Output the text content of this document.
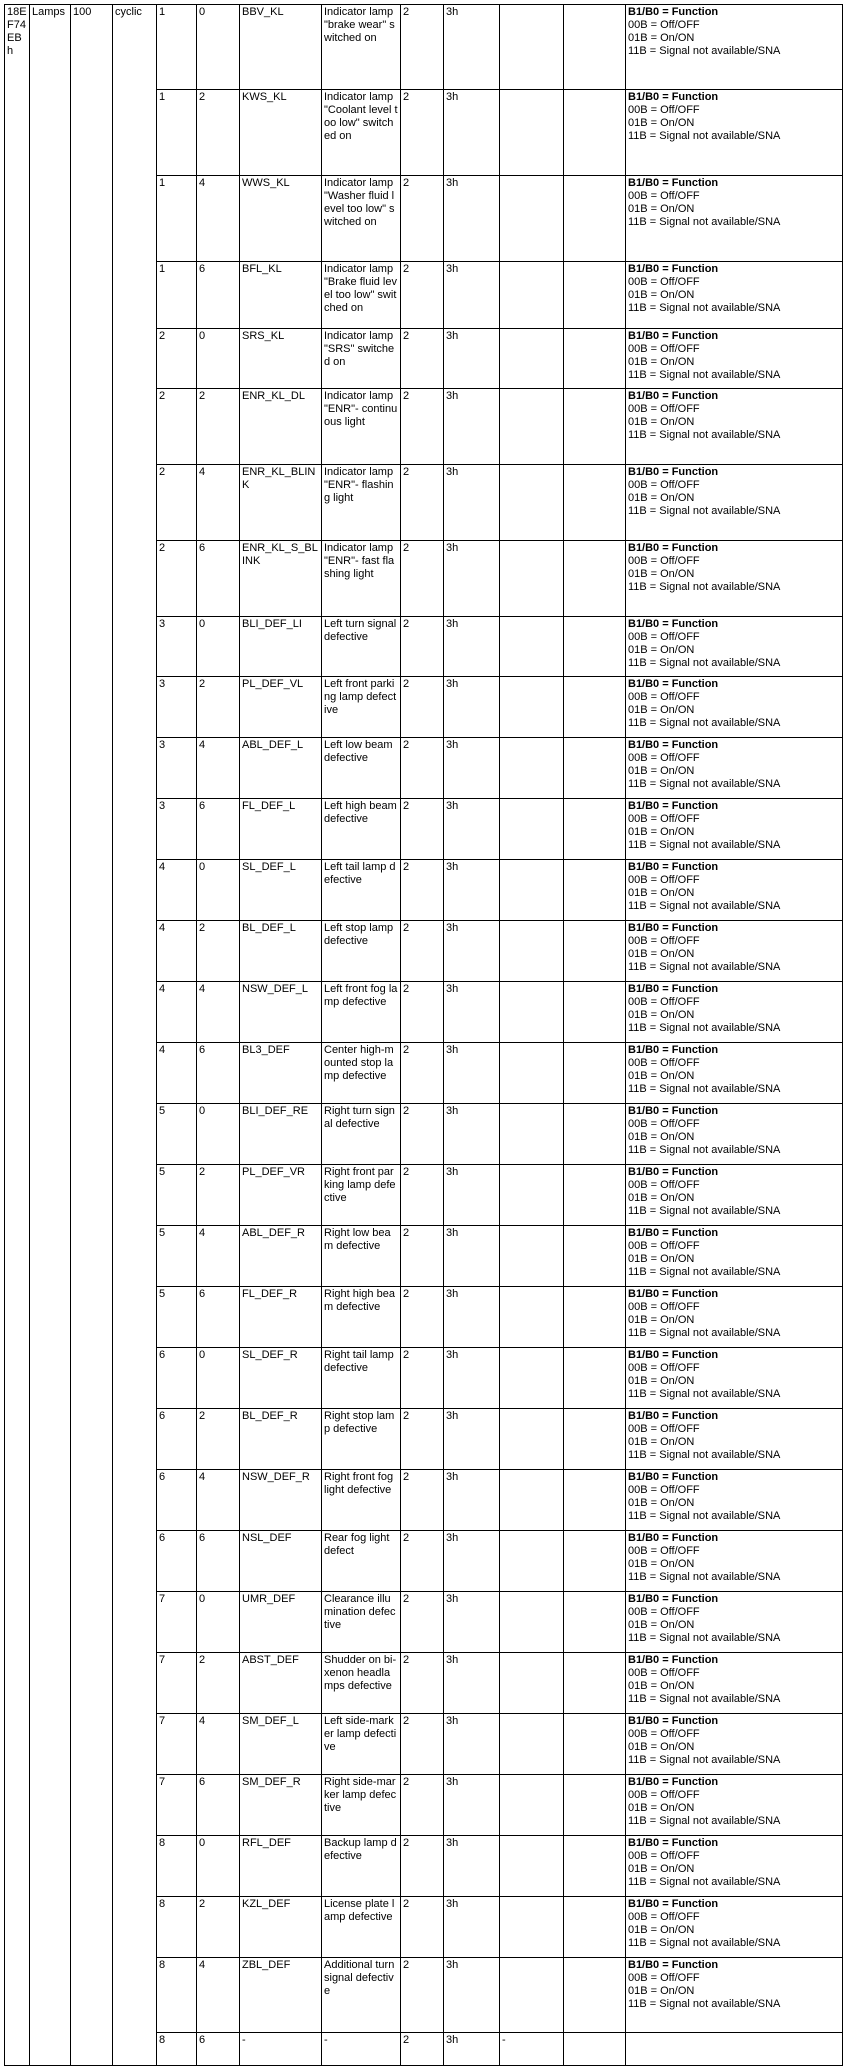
18EF74EBh	Lamps	100	cyclic	1	0	BBV_KL	Indicator lamp "brake wear" switched on	2	3h			B1/B0 = Function
00B = Off/OFF
01B = On/ON
11B = Signal not available/SNA

				1	2	KWS_KL	Indicator lamp "Coolant level too low" switched on	2	3h			B1/B0 = Function
00B = Off/OFF
01B = On/ON
11B = Signal not available/SNA

				1	4	WWS_KL	Indicator lamp "Washer fluid level too low" switched on	2	3h			B1/B0 = Function
00B = Off/OFF
01B = On/ON
11B = Signal not available/SNA

				1	6	BFL_KL	Indicator lamp "Brake fluid level too low" switched on	2	3h			B1/B0 = Function
00B = Off/OFF
01B = On/ON
11B = Signal not available/SNA

				2	0	SRS_KL	Indicator lamp "SRS" switched on	2	3h			B1/B0 = Function
00B = Off/OFF
01B = On/ON
11B = Signal not available/SNA

				2	2	ENR_KL_DL	Indicator lamp "ENR"- continuous light	2	3h			B1/B0 = Function
00B = Off/OFF
01B = On/ON
11B = Signal not available/SNA

				2	4	ENR_KL_BLINK	Indicator lamp "ENR"- flashing light	2	3h			B1/B0 = Function
00B = Off/OFF
01B = On/ON
11B = Signal not available/SNA

				2	6	ENR_KL_S_BLINK	Indicator lamp "ENR"- fast flashing light	2	3h			B1/B0 = Function
00B = Off/OFF
01B = On/ON
11B = Signal not available/SNA

				3	0	BLI_DEF_LI	Left turn signal defective	2	3h			B1/B0 = Function
00B = Off/OFF
01B = On/ON
11B = Signal not available/SNA

				3	2	PL_DEF_VL	Left front parking lamp defective	2	3h			B1/B0 = Function
00B = Off/OFF
01B = On/ON
11B = Signal not available/SNA

				3	4	ABL_DEF_L	Left low beam defective	2	3h			B1/B0 = Function
00B = Off/OFF
01B = On/ON
11B = Signal not available/SNA

				3	6	FL_DEF_L	Left high beam defective	2	3h			B1/B0 = Function
00B = Off/OFF
01B = On/ON
11B = Signal not available/SNA

				4	0	SL_DEF_L	Left tail lamp defective	2	3h			B1/B0 = Function
00B = Off/OFF
01B = On/ON
11B = Signal not available/SNA

				4	2	BL_DEF_L	Left stop lamp defective	2	3h			B1/B0 = Function
00B = Off/OFF
01B = On/ON
11B = Signal not available/SNA

				4	4	NSW_DEF_L	Left front fog lamp defective	2	3h			B1/B0 = Function
00B = Off/OFF
01B = On/ON
11B = Signal not available/SNA

				4	6	BL3_DEF	Center high-mounted stop lamp defective	2	3h			B1/B0 = Function
00B = Off/OFF
01B = On/ON
11B = Signal not available/SNA

				5	0	BLI_DEF_RE	Right turn signal defective	2	3h			B1/B0 = Function
00B = Off/OFF
01B = On/ON
11B = Signal not available/SNA

				5	2	PL_DEF_VR	Right front parking lamp defective	2	3h			B1/B0 = Function
00B = Off/OFF
01B = On/ON
11B = Signal not available/SNA

				5	4	ABL_DEF_R	Right low beam defective	2	3h			B1/B0 = Function
00B = Off/OFF
01B = On/ON
11B = Signal not available/SNA

				5	6	FL_DEF_R	Right high beam defective	2	3h			B1/B0 = Function
00B = Off/OFF
01B = On/ON
11B = Signal not available/SNA

				6	0	SL_DEF_R	Right tail lamp defective	2	3h			B1/B0 = Function
00B = Off/OFF
01B = On/ON
11B = Signal not available/SNA

				6	2	BL_DEF_R	Right stop lamp defective	2	3h			B1/B0 = Function
00B = Off/OFF
01B = On/ON
11B = Signal not available/SNA

				6	4	NSW_DEF_R	Right front fog light defective	2	3h			B1/B0 = Function
00B = Off/OFF
01B = On/ON
11B = Signal not available/SNA

				6	6	NSL_DEF	Rear fog light defect	2	3h			B1/B0 = Function
00B = Off/OFF
01B = On/ON
11B = Signal not available/SNA

				7	0	UMR_DEF	Clearance illumination defective	2	3h			B1/B0 = Function
00B = Off/OFF
01B = On/ON
11B = Signal not available/SNA

				7	2	ABST_DEF	Shudder on bi-xenon headlamps defective	2	3h			B1/B0 = Function
00B = Off/OFF
01B = On/ON
11B = Signal not available/SNA

				7	4	SM_DEF_L	Left side-marker lamp defective	2	3h			B1/B0 = Function
00B = Off/OFF
01B = On/ON
11B = Signal not available/SNA

				7	6	SM_DEF_R	Right side-marker lamp defective	2	3h			B1/B0 = Function
00B = Off/OFF
01B = On/ON
11B = Signal not available/SNA

				8	0	RFL_DEF	Backup lamp defective	2	3h			B1/B0 = Function
00B = Off/OFF
01B = On/ON
11B = Signal not available/SNA

				8	2	KZL_DEF	License plate lamp defective	2	3h			B1/B0 = Function
00B = Off/OFF
01B = On/ON
11B = Signal not available/SNA

				8	4	ZBL_DEF	Additional turn signal defective	2	3h			B1/B0 = Function
00B = Off/OFF
01B = On/ON
11B = Signal not available/SNA

				8	6	-	-	2	3h	-		
